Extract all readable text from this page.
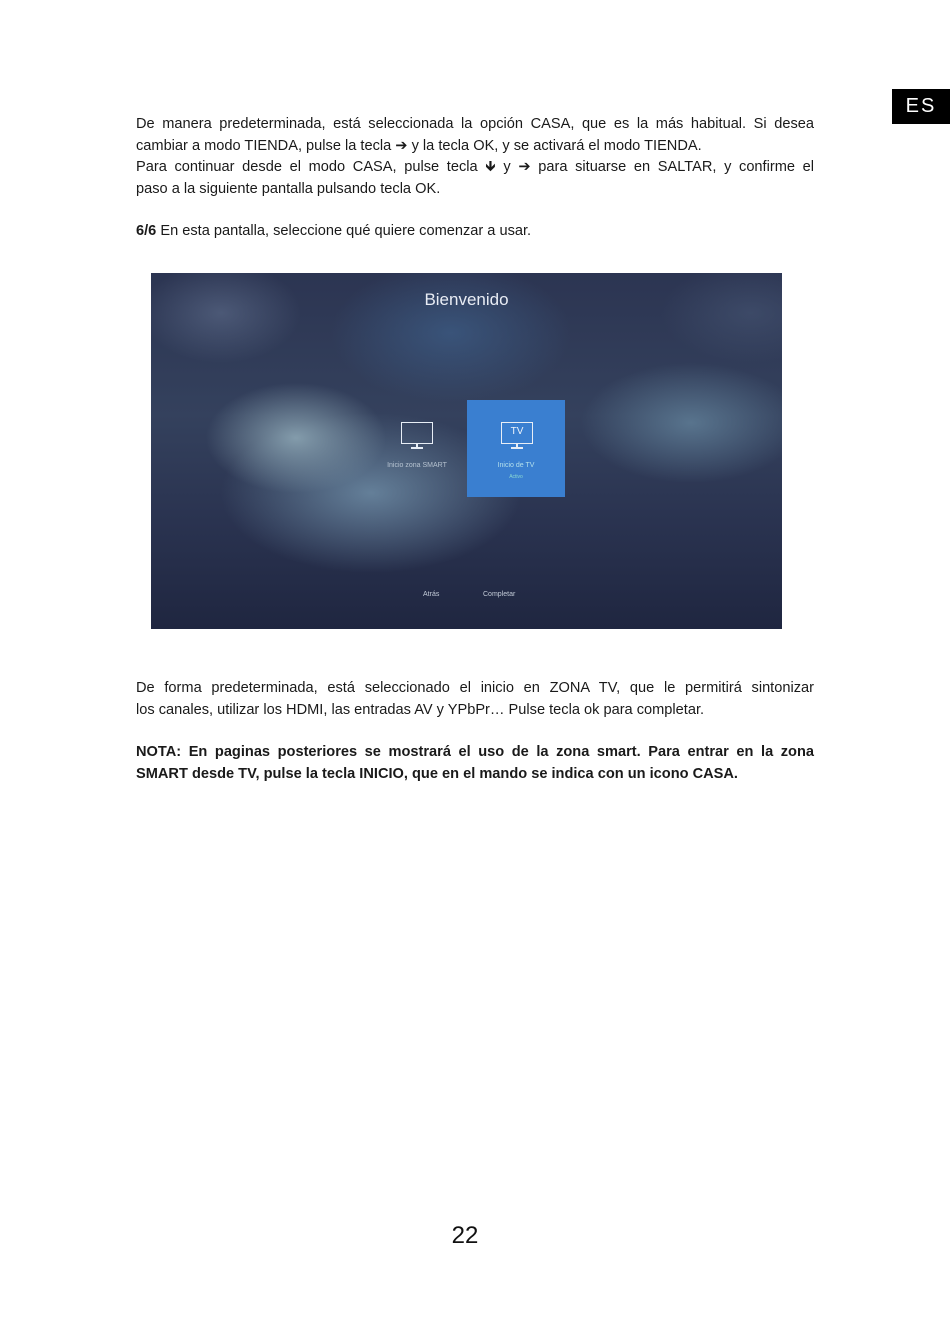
ES

De manera predeterminada, está seleccionada la opción CASA, que es la más habitual. Si desea
cambiar a modo TIENDA, pulse la tecla ➔ y la tecla OK, y se activará el modo TIENDA.
Para continuar desde el modo CASA, pulse tecla 🡻 y ➔ para situarse en SALTAR, y confirme el
paso a la siguiente pantalla pulsando tecla OK.

6/6 En esta pantalla, seleccione qué quiere comenzar a usar.

Bienvenido
Inicio zona SMART
TV
Inicio de TV
Activo
Atrás	Completar

De forma predeterminada, está seleccionado el inicio en ZONA TV, que le permitirá sintonizar
los canales, utilizar los HDMI, las entradas AV y YPbPr… Pulse tecla ok para completar.

NOTA: En paginas posteriores se mostrará el uso de la zona smart. Para entrar en la zona
SMART desde TV, pulse la tecla INICIO, que en el mando se indica con un icono CASA.

22
